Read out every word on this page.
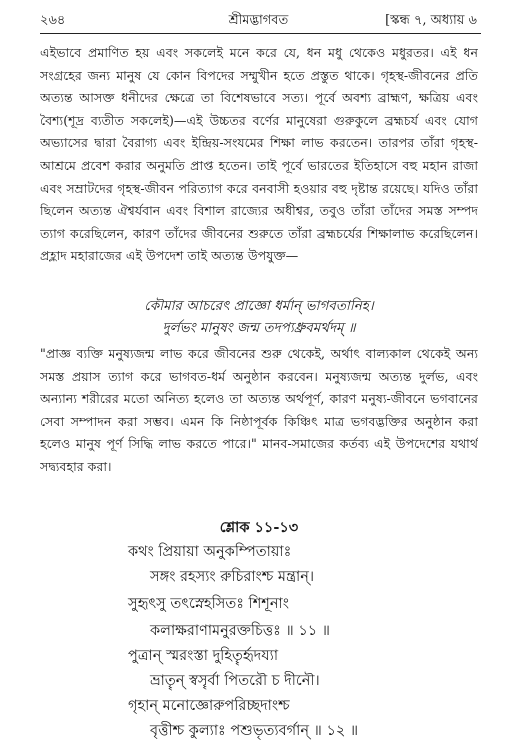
২৬৪	শ্রীমদ্ভাগবত	[স্কন্ধ ৭, অধ্যায় ৬

এইভাবে প্রমাণিত হয় এবং সকলেই মনে করে যে, ধন মধু থেকেও মধুরতর। এই ধন সংগ্রহের জন্য মানুষ যে কোন বিপদের সম্মুখীন হতে প্রস্তুত থাকে। গৃহস্থ-জীবনের প্রতি অত্যন্ত আসক্ত ধনীদের ক্ষেত্রে তা বিশেষভাবে সত্য। পূর্বে অবশ্য ব্রাহ্মণ, ক্ষত্রিয় এবং বৈশ্য(শূদ্র ব্যতীত সকলেই)—এই উচ্চতর বর্ণের মানুষেরা গুরুকুলে ব্রহ্মচর্য এবং যোগ অভ্যাসের দ্বারা বৈরাগ্য এবং ইন্দ্রিয়-সংযমের শিক্ষা লাভ করতেন। তারপর তাঁরা গৃহস্থ-আশ্রমে প্রবেশ করার অনুমতি প্রাপ্ত হতেন। তাই পূর্বে ভারতের ইতিহাসে বহু মহান রাজা এবং সম্রাটদের গৃহস্থ-জীবন পরিত্যাগ করে বনবাসী হওয়ার বহু দৃষ্টান্ত রয়েছে। যদিও তাঁরা ছিলেন অত্যন্ত ঐশ্বর্যবান এবং বিশাল রাজ্যের অধীশ্বর, তবুও তাঁরা তাঁদের সমস্ত সম্পদ ত্যাগ করেছিলেন, কারণ তাঁদের জীবনের শুরুতে তাঁরা ব্রহ্মচর্যের শিক্ষালাভ করেছিলেন। প্রহ্লাদ মহারাজের এই উপদেশ তাই অত্যন্ত উপযুক্ত—

কৌমার আচরেৎ প্রাজ্ঞো ধর্মান্ ভাগবতানিহ।
দুর্লভং মানুষং জন্ম তদপ্যধ্রুবমর্থদম্ ॥

"প্রাজ্ঞ ব্যক্তি মনুষ্যজন্ম লাভ করে জীবনের শুরু থেকেই, অর্থাৎ বাল্যকাল থেকেই অন্য সমস্ত প্রয়াস ত্যাগ করে ভাগবত-ধর্ম অনুষ্ঠান করবেন। মনুষ্যজন্ম অত্যন্ত দুর্লভ, এবং অন্যান্য শরীরের মতো অনিত্য হলেও তা অত্যন্ত অর্থপূর্ণ, কারণ মনুষ্য-জীবনে ভগবানের সেবা সম্পাদন করা সম্ভব। এমন কি নিষ্ঠাপূর্বক কিঞ্চিৎ মাত্র ভগবদ্ভক্তির অনুষ্ঠান করা হলেও মানুষ পূর্ণ সিদ্ধি লাভ করতে পারে।" মানব-সমাজের কর্তব্য এই উপদেশের যথার্থ সদ্ব্যবহার করা।

শ্লোক ১১-১৩
কথং প্রিয়ায়া অনুকম্পিতায়াঃ
সঙ্গং রহস্যং রুচিরাংশ্চ মন্ত্রান্।
সুহৃৎসু তৎস্নেহসিতঃ শিশূনাং
কলাক্ষরাণামনুরক্তচিত্তঃ ॥ ১১ ॥
পুত্রান্ স্মরংস্তা দুহিতৄর্হৃদয্যা
ভ্রাতৄন্ স্বসৄর্বা পিতরৌ চ দীনৌ।
গৃহান্ মনোজ্ঞোরুপরিচ্ছদাংশ্চ
বৃত্তীশ্চ কুল্যাঃ পশুভৃত্যবর্গান্ ॥ ১২ ॥
